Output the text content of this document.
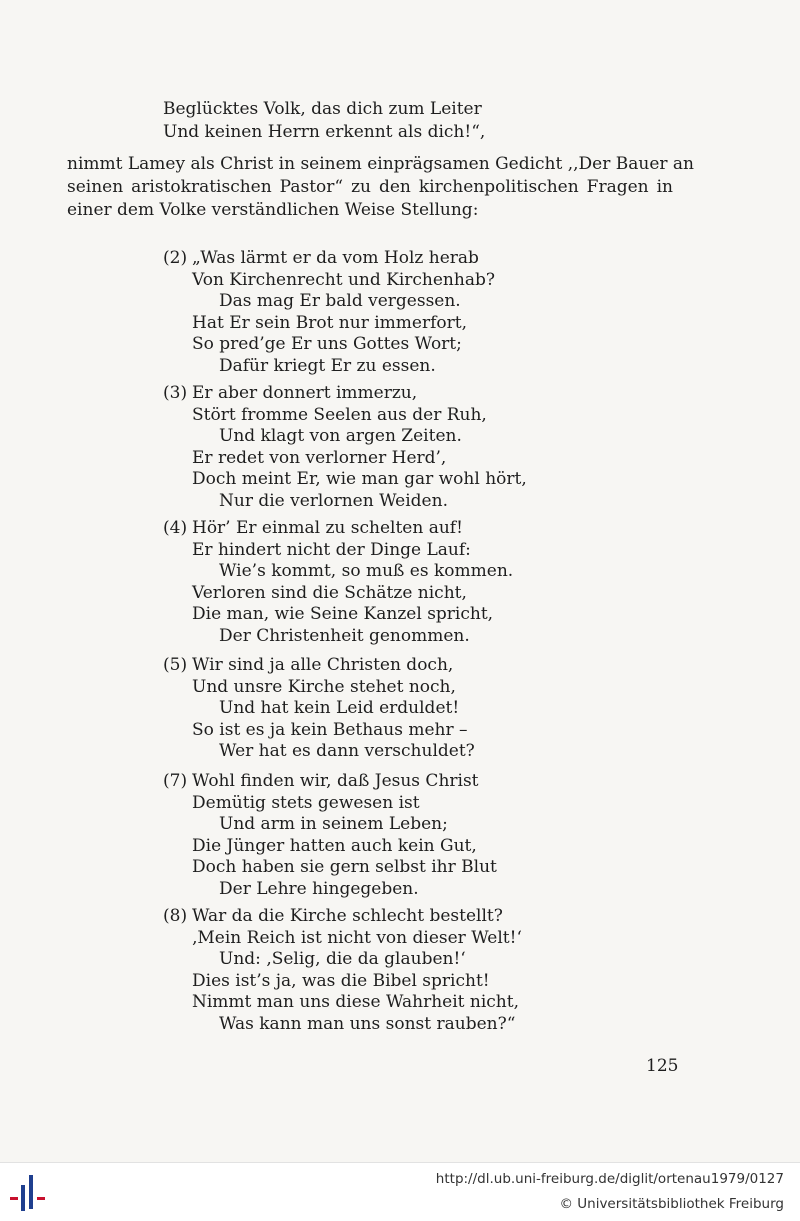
Beglücktes Volk, das dich zum Leiter
Und keinen Herrn erkennt als dich!“,
nimmt Lamey als Christ in seinem einprägsamen Gedicht ,,Der Bauer an
seinen aristokratischen Pastor“ zu den kirchenpolitischen Fragen in
einer dem Volke verständlichen Weise Stellung:
(2) „Was lärmt er da vom Holz herab
Von Kirchenrecht und Kirchenhab?
Das mag Er bald vergessen.
Hat Er sein Brot nur immerfort,
So pred’ge Er uns Gottes Wort;
Dafür kriegt Er zu essen.
(3) Er aber donnert immerzu,
Stört fromme Seelen aus der Ruh,
Und klagt von argen Zeiten.
Er redet von verlorner Herd’,
Doch meint Er, wie man gar wohl hört,
Nur die verlornen Weiden.
(4) Hör’ Er einmal zu schelten auf!
Er hindert nicht der Dinge Lauf:
Wie’s kommt, so muß es kommen.
Verloren sind die Schätze nicht,
Die man, wie Seine Kanzel spricht,
Der Christenheit genommen.
(5) Wir sind ja alle Christen doch,
Und unsre Kirche stehet noch,
Und hat kein Leid erduldet!
So ist es ja kein Bethaus mehr –
Wer hat es dann verschuldet?
(7) Wohl finden wir, daß Jesus Christ
Demütig stets gewesen ist
Und arm in seinem Leben;
Die Jünger hatten auch kein Gut,
Doch haben sie gern selbst ihr Blut
Der Lehre hingegeben.
(8) War da die Kirche schlecht bestellt?
‚Mein Reich ist nicht von dieser Welt!‘
Und: ‚Selig, die da glauben!‘
Dies ist’s ja, was die Bibel spricht!
Nimmt man uns diese Wahrheit nicht,
Was kann man uns sonst rauben?“
125
http://dl.ub.uni-freiburg.de/diglit/ortenau1979/0127
© Universitätsbibliothek Freiburg
